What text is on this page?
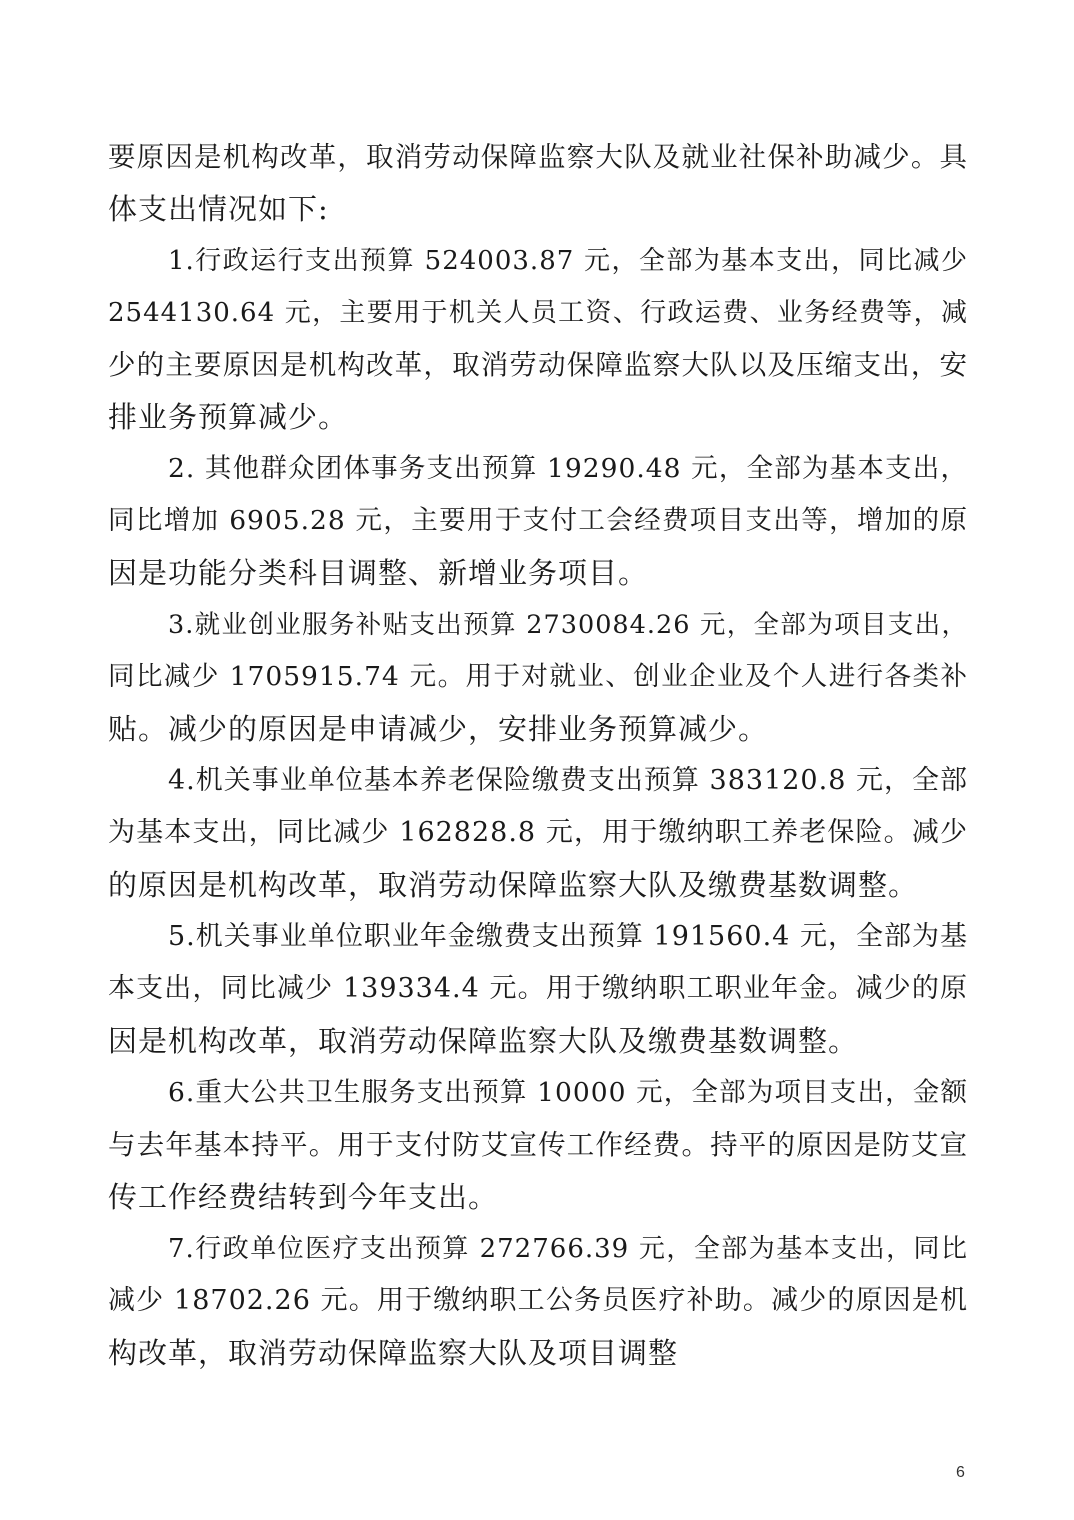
要原因是机构改革，取消劳动保障监察大队及就业社保补助减少。具
体支出情况如下:
1.行政运行支出预算 524003.87 元，全部为基本支出，同比减少
2544130.64 元，主要用于机关人员工资、行政运费、业务经费等，减
少的主要原因是机构改革，取消劳动保障监察大队以及压缩支出，安
排业务预算减少。
2. 其他群众团体事务支出预算 19290.48 元，全部为基本支出，
同比增加 6905.28 元，主要用于支付工会经费项目支出等，增加的原
因是功能分类科目调整、新增业务项目。
3.就业创业服务补贴支出预算 2730084.26 元，全部为项目支出，
同比减少 1705915.74 元。用于对就业、创业企业及个人进行各类补
贴。减少的原因是申请减少，安排业务预算减少。
4.机关事业单位基本养老保险缴费支出预算 383120.8 元，全部
为基本支出，同比减少 162828.8 元，用于缴纳职工养老保险。减少
的原因是机构改革，取消劳动保障监察大队及缴费基数调整。
5.机关事业单位职业年金缴费支出预算 191560.4 元，全部为基
本支出，同比减少 139334.4 元。用于缴纳职工职业年金。减少的原
因是机构改革，取消劳动保障监察大队及缴费基数调整。
6.重大公共卫生服务支出预算 10000 元，全部为项目支出，金额
与去年基本持平。用于支付防艾宣传工作经费。持平的原因是防艾宣
传工作经费结转到今年支出。
7.行政单位医疗支出预算 272766.39 元，全部为基本支出，同比
减少 18702.26 元。用于缴纳职工公务员医疗补助。减少的原因是机
构改革，取消劳动保障监察大队及项目调整
6
